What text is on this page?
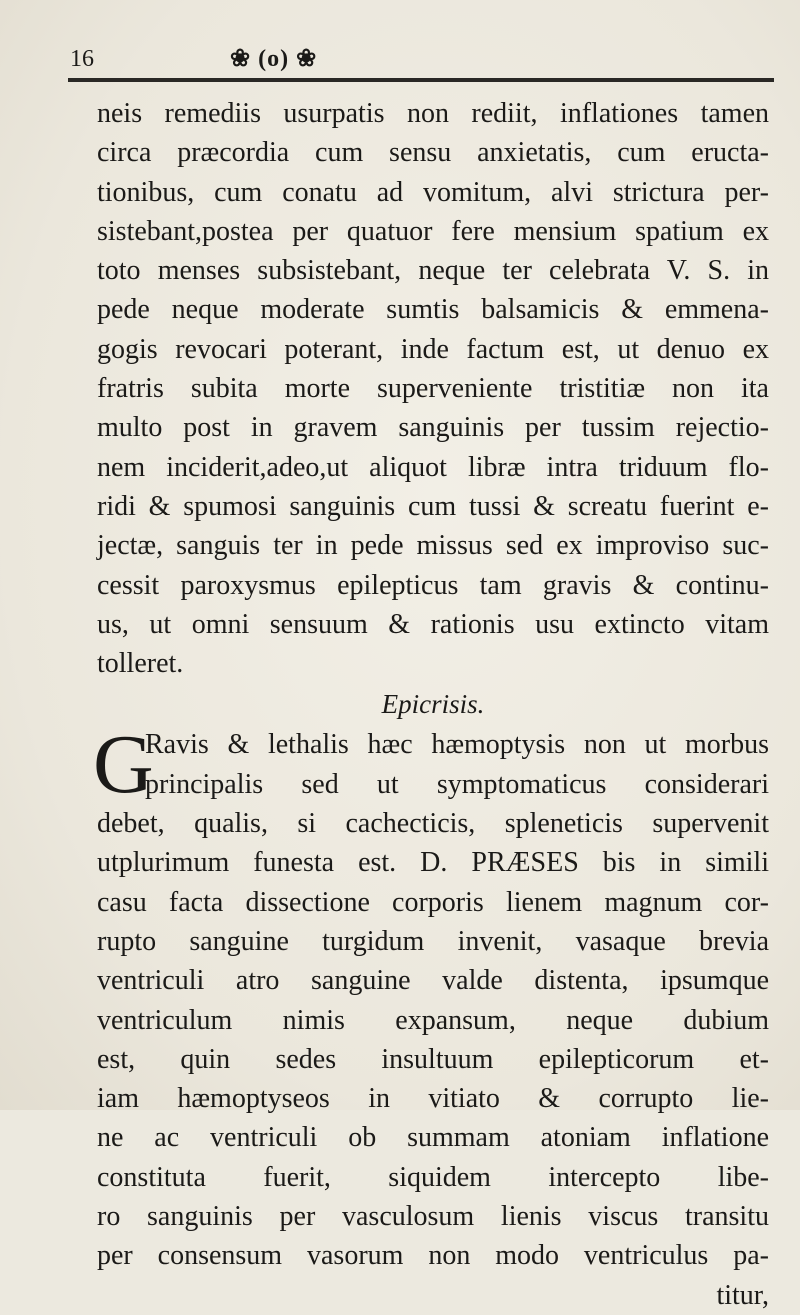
16	❀ (o) ❀
neis remediis usurpatis non rediit, inflationes tamen
circa præcordia cum sensu anxietatis, cum eructa-
tionibus, cum conatu ad vomitum, alvi strictura per-
sistebant,postea per quatuor fere mensium spatium ex
toto menses subsistebant, neque ter celebrata V. S. in
pede neque moderate sumtis balsamicis & emmena-
gogis revocari poterant, inde factum est, ut denuo ex
fratris subita morte superveniente tristitiæ non ita
multo post in gravem sanguinis per tussim rejectio-
nem inciderit,adeo,ut aliquot libræ intra triduum flo-
ridi & spumosi sanguinis cum tussi & screatu fuerint e-
jectæ, sanguis ter in pede missus sed ex improviso suc-
cessit paroxysmus epilepticus tam gravis & continu-
us, ut omni sensuum & rationis usu extincto vitam
tolleret.
Epicrisis.
G
Ravis & lethalis hæc hæmoptysis non ut morbus
principalis sed ut symptomaticus considerari
debet, qualis, si cachecticis, spleneticis supervenit
utplurimum funesta est. D. PRÆSES bis in simili
casu facta dissectione corporis lienem magnum cor-
rupto sanguine turgidum invenit, vasaque brevia
ventriculi atro sanguine valde distenta, ipsumque
ventriculum nimis expansum, neque dubium
est, quin sedes insultuum epilepticorum et-
iam hæmoptyseos in vitiato & corrupto lie-
ne ac ventriculi ob summam atoniam inflatione
constituta fuerit, siquidem intercepto libe-
ro sanguinis per vasculosum lienis viscus transitu
per consensum vasorum non modo ventriculus pa-
titur,
